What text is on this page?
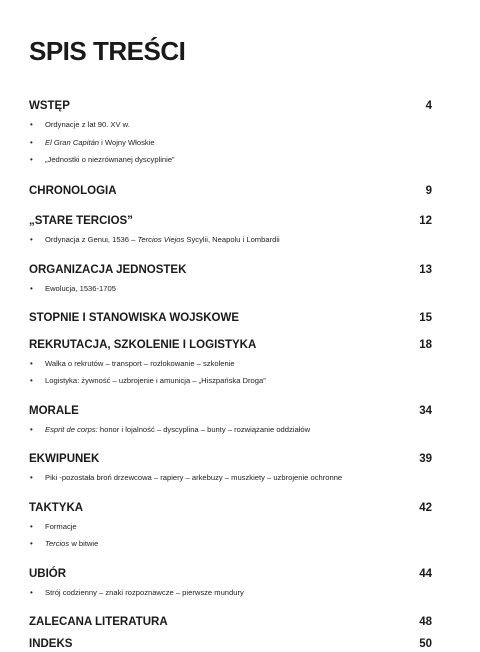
SPIS TREŚCI
WSTĘP	4
• Ordynacje z lat 90. XV w.
• El Gran Capitán i Wojny Włoskie
• „Jednostki o niezrównanej dyscyplinie”
CHRONOLOGIA	9
„STARE TERCIOS”	12
• Ordynacja z Genui, 1536 – Tercios Viejos Sycylii, Neapolu i Lombardii
ORGANIZACJA JEDNOSTEK	13
• Ewolucja, 1536-1705
STOPNIE I STANOWISKA WOJSKOWE	15
REKRUTACJA, SZKOLENIE I LOGISTYKA	18
• Walka o rekrutów – transport – rozlokowanie – szkolenie
• Logistyka: żywność – uzbrojenie i amunicja – „Hiszpańska Droga”
MORALE	34
• Esprit de corps: honor i lojalność – dyscyplina – bunty – rozwiązanie oddziałów
EKWIPUNEK	39
• Piki -pozostała broń drzewcowa – rapiery – arkebuzy – muszkiety – uzbrojenie ochronne
TAKTYKA	42
• Formacje
• Tercios w bitwie
UBIÓR	44
• Strój codzienny – znaki rozpoznawcze – pierwsze mundury
ZALECANA LITERATURA	48
INDEKS	50
